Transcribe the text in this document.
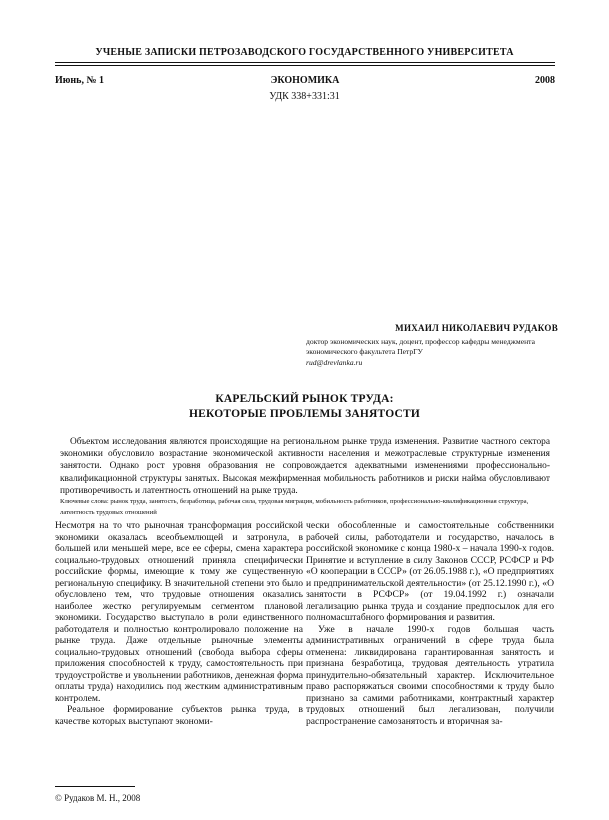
УЧЕНЫЕ ЗАПИСКИ ПЕТРОЗАВОДСКОГО ГОСУДАРСТВЕННОГО УНИВЕРСИТЕТА
Июнь, № 1	ЭКОНОМИКА	2008
УДК 338+331:31
МИХАИЛ НИКОЛАЕВИЧ РУДАКОВ
доктор экономических наук, доцент, профессор кафедры менеджмента экономического факультета ПетрГУ
rud@drevlanka.ru
КАРЕЛЬСКИЙ РЫНОК ТРУДА:
НЕКОТОРЫЕ ПРОБЛЕМЫ ЗАНЯТОСТИ
Объектом исследования являются происходящие на региональном рынке труда изменения. Развитие частного сектора экономики обусловило возрастание экономической активности населения и межотраслевые структурные изменения занятости. Однако рост уровня образования не сопровождается адекватными изменениями профессионально-квалификационной структуры занятых. Высокая межфирменная мобильность работников и риски найма обусловливают противоречивость и латентность отношений на рыке труда.
Ключевые слова: рынок труда, занятость, безработица, рабочая сила, трудовая миграция, мобильность работников, профессионально-квалификационная структура, латентность трудовых отношений

Несмотря на то что рыночная трансформация российской экономики оказалась всеобъемлющей и затронула, в большей или меньшей мере, все ее сферы, смена характера социально-трудовых отношений приняла специфически российские формы, имеющие к тому же существенную региональную специфику. В значительной степени это было обусловлено тем, что трудовые отношения оказались наиболее жестко регулируемым сегментом плановой экономики. Государство выступало в роли единственного работодателя и полностью контролировало положение на рынке труда. Даже отдельные рыночные элементы социально-трудовых отношений (свобода выбора сферы приложения способностей к труду, самостоятельность при трудоустройстве и увольнении работников, денежная форма оплаты труда) находились под жестким административным контролем.

Реальное формирование субъектов рынка труда, в качестве которых выступают экономи-

чески обособленные и самостоятельные собственники рабочей силы, работодатели и государство, началось в российской экономике с конца 1980-х – начала 1990-х годов. Принятие и вступление в силу Законов СССР, РСФСР и РФ «О кооперации в СССР» (от 26.05.1988 г.), «О предприятиях и предпринимательской деятельности» (от 25.12.1990 г.), «О занятости в РСФСР» (от 19.04.1992 г.) означали легализацию рынка труда и создание предпосылок для его полномасштабного формирования и развития.

Уже в начале 1990-х годов большая часть административных ограничений в сфере труда была отменена: ликвидирована гарантированная занятость и признана безработица, трудовая деятельность утратила принудительно-обязательный характер. Исключительное право распоряжаться своими способностями к труду было признано за самими работниками, контрактный характер трудовых отношений был легализован, получили распространение самозанятость и вторичная за-

© Рудаков М. Н., 2008
